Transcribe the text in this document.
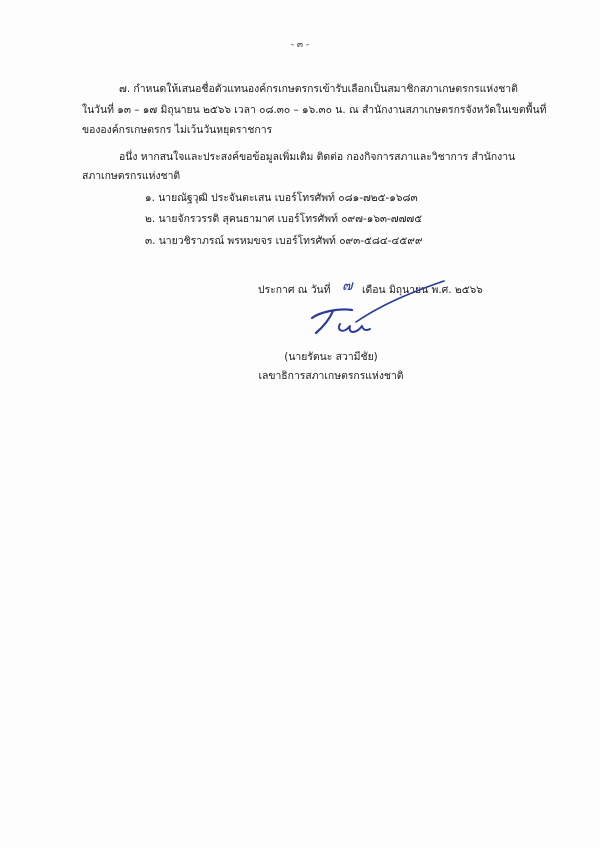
- ๓ -
๗. กำหนดให้เสนอชื่อตัวแทนองค์กรเกษตรกรเข้ารับเลือกเป็นสมาชิกสภาเกษตรกรแห่งชาติ
ในวันที่ ๑๓ – ๑๗ มิถุนายน ๒๕๖๖ เวลา ๐๘.๓๐ – ๑๖.๓๐ น. ณ สำนักงานสภาเกษตรกรจังหวัดในเขตพื้นที่
ขององค์กรเกษตรกร ไม่เว้นวันหยุดราชการ
อนึ่ง หากสนใจและประสงค์ขอข้อมูลเพิ่มเติม ติดต่อ กองกิจการสภาและวิชาการ สำนักงาน
สภาเกษตรกรแห่งชาติ
๑. นายณัฐวุฒิ ประจันตะเสน เบอร์โทรศัพท์ ๐๘๑-๗๒๕-๑๖๘๓
๒. นายจักรวรรดิ สุคนธามาศ เบอร์โทรศัพท์ ๐๙๗-๑๖๓-๗๗๗๕
๓. นายวชิราภรณ์ พรหมขจร เบอร์โทรศัพท์ ๐๙๓-๕๘๔-๔๕๙๙
ประกาศ ณ วันที่ ๗ เดือน มิถุนายน พ.ศ. ๒๕๖๖
(นายรัตนะ สวามีชัย)
เลขาธิการสภาเกษตรกรแห่งชาติ
